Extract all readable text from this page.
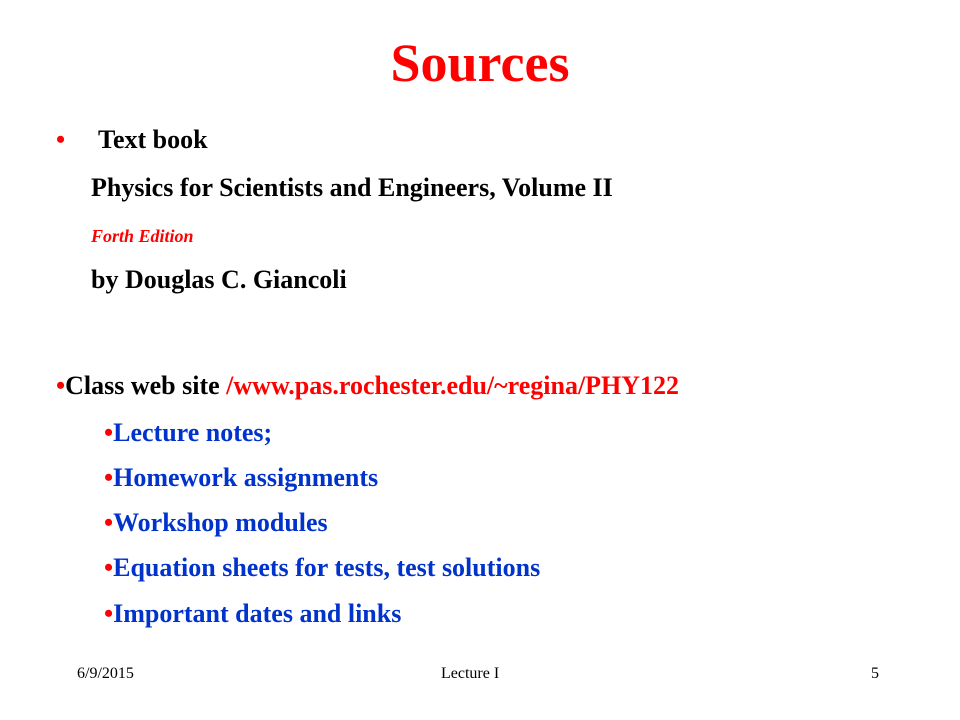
Sources
• Text book
Physics for Scientists and Engineers, Volume II
Forth Edition
by Douglas C. Giancoli
•Class web site /www.pas.rochester.edu/~regina/PHY122
•Lecture notes;
•Homework assignments
•Workshop modules
•Equation sheets for tests, test solutions
•Important dates and links
6/9/2015	Lecture I	5
